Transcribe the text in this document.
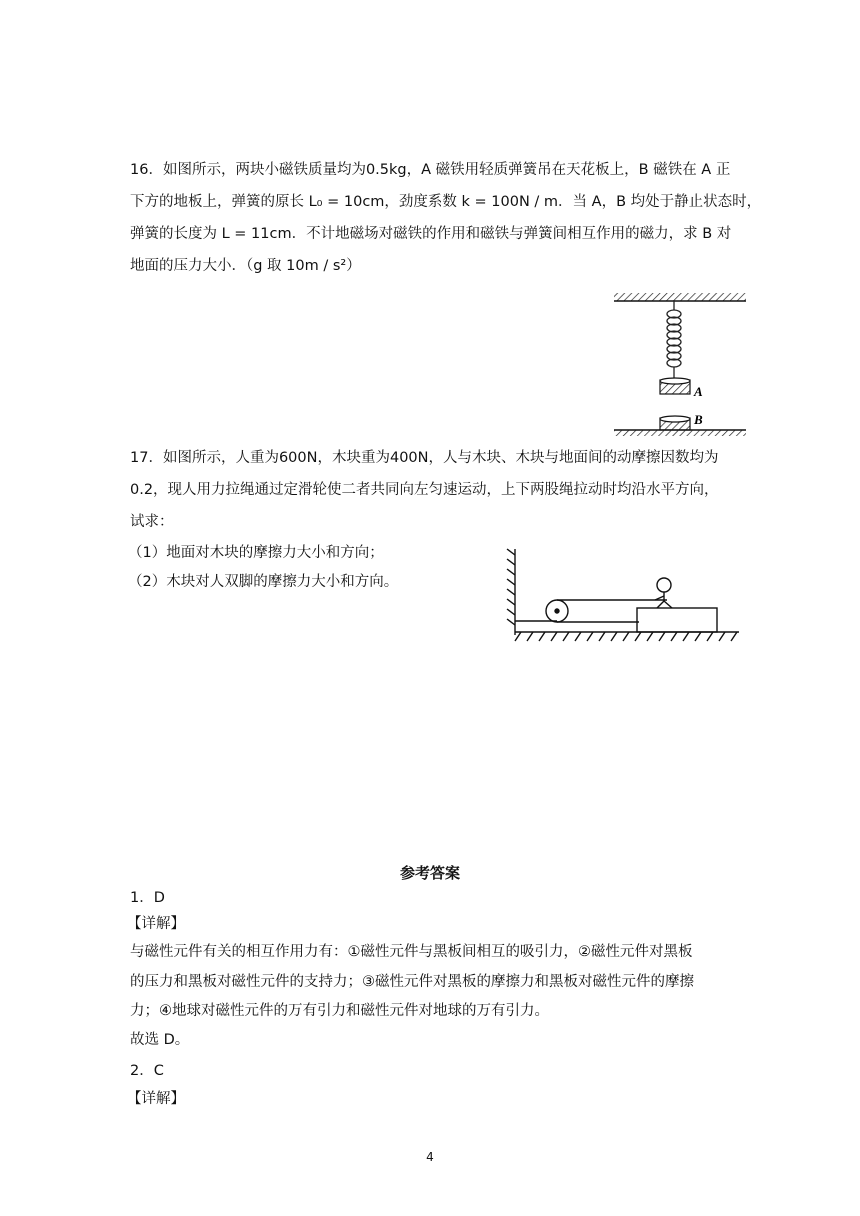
16．如图所示，两块小磁铁质量均为0.5kg，A 磁铁用轻质弹簧吊在天花板上，B 磁铁在 A 正
下方的地板上，弹簧的原长 L₀ = 10cm，劲度系数 k = 100N / m．当 A，B 均处于静止状态时，
弹簧的长度为 L = 11cm．不计地磁场对磁铁的作用和磁铁与弹簧间相互作用的磁力，求 B 对
地面的压力大小．（g 取 10m / s²）
A
B
17．如图所示，人重为600N，木块重为400N，人与木块、木块与地面间的动摩擦因数均为
0.2，现人用力拉绳通过定滑轮使二者共同向左匀速运动，上下两股绳拉动时均沿水平方向，
试求：
（1）地面对木块的摩擦力大小和方向；
（2）木块对人双脚的摩擦力大小和方向。
参考答案
1．D
【详解】
与磁性元件有关的相互作用力有：①磁性元件与黑板间相互的吸引力，②磁性元件对黑板
的压力和黑板对磁性元件的支持力；③磁性元件对黑板的摩擦力和黑板对磁性元件的摩擦
力；④地球对磁性元件的万有引力和磁性元件对地球的万有引力。
故选 D。
2．C
【详解】
4
